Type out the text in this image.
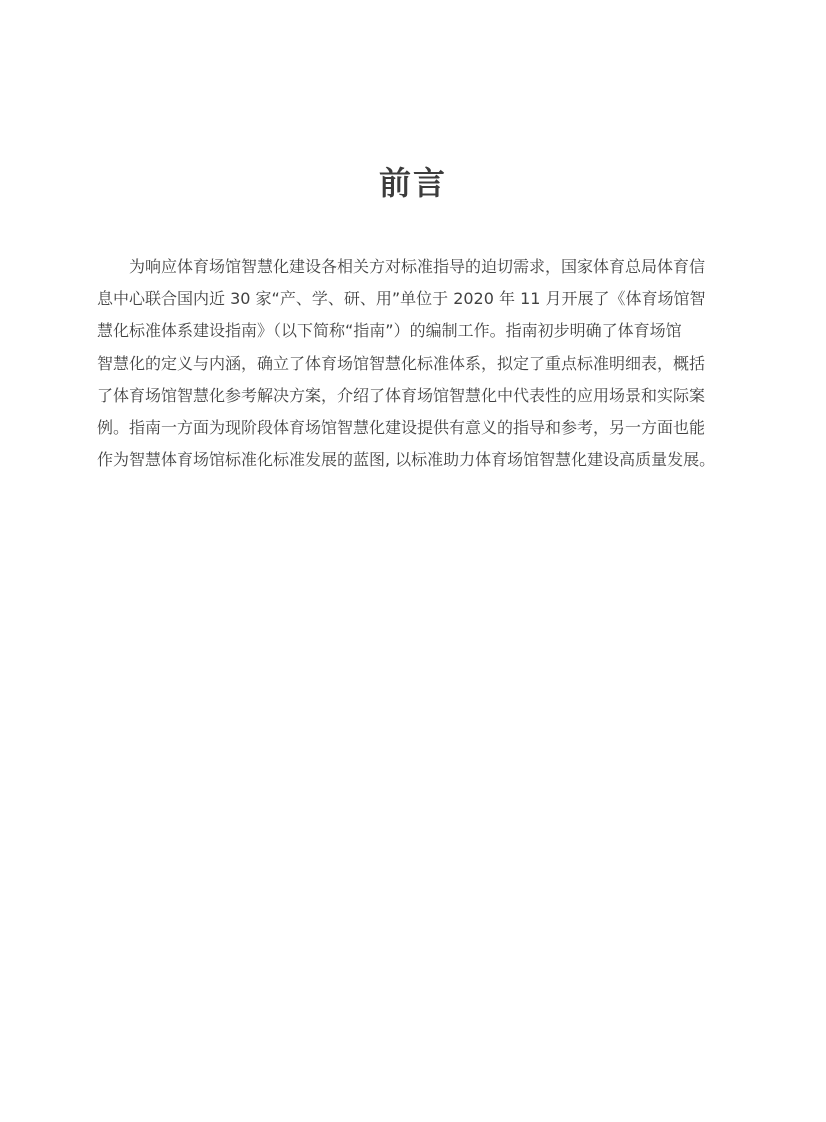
前言

为响应体育场馆智慧化建设各相关方对标准指导的迫切需求，国家体育总局体育信
息中心联合国内近 30 家“产、学、研、用”单位于 2020 年 11 月开展了《体育场馆智
慧化标准体系建设指南》（以下简称“指南”）的编制工作。指南初步明确了体育场馆
智慧化的定义与内涵，确立了体育场馆智慧化标准体系，拟定了重点标准明细表，概括
了体育场馆智慧化参考解决方案，介绍了体育场馆智慧化中代表性的应用场景和实际案
例。指南一方面为现阶段体育场馆智慧化建设提供有意义的指导和参考，另一方面也能
作为智慧体育场馆标准化标准发展的蓝图, 以标准助力体育场馆智慧化建设高质量发展。
